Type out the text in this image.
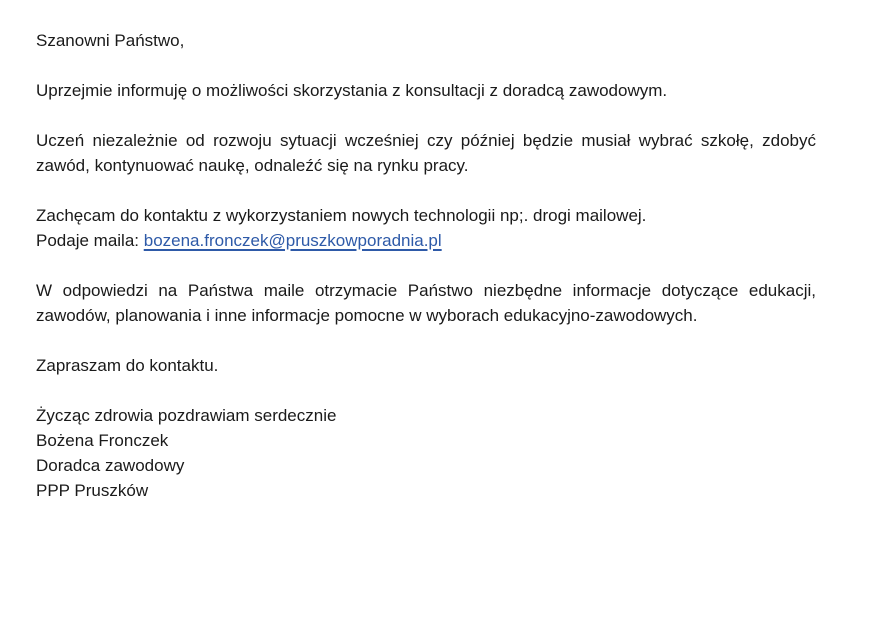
Szanowni Państwo,

Uprzejmie informuję o możliwości skorzystania z konsultacji z doradcą zawodowym.

Uczeń niezależnie od rozwoju sytuacji wcześniej czy później będzie musiał wybrać szkołę, zdobyć zawód, kontynuować naukę, odnaleźć się na rynku pracy.

Zachęcam do kontaktu z wykorzystaniem nowych technologii np;. drogi mailowej.
Podaje maila: bozena.fronczek@pruszkowporadnia.pl

W odpowiedzi na Państwa maile otrzymacie Państwo niezbędne informacje dotyczące edukacji, zawodów, planowania i inne informacje pomocne w wyborach edukacyjno-zawodowych.

Zapraszam do kontaktu.

Życząc zdrowia pozdrawiam serdecznie
Bożena Fronczek
Doradca zawodowy
PPP Pruszków
